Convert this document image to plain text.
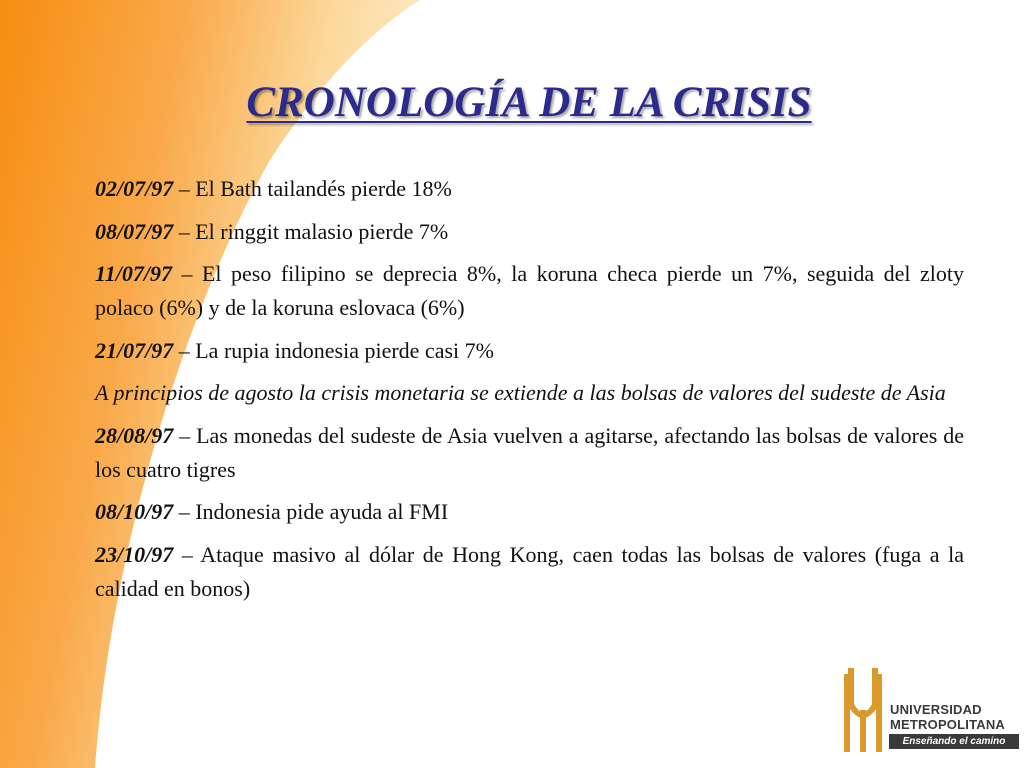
CRONOLOGÍA DE LA CRISIS

02/07/97 – El Bath tailandés pierde 18%

08/07/97 – El ringgit malasio pierde 7%

11/07/97 – El peso filipino se deprecia 8%, la koruna checa pierde un 7%, seguida del zloty polaco (6%) y de la koruna eslovaca (6%)

21/07/97 – La rupia indonesia pierde casi 7%

A principios de agosto la crisis monetaria se extiende a las bolsas de valores del sudeste de Asia

28/08/97 – Las monedas del sudeste de Asia vuelven a agitarse, afectando las bolsas de valores de los cuatro tigres

08/10/97 – Indonesia pide ayuda al FMI

23/10/97 – Ataque masivo al dólar de Hong Kong, caen todas las bolsas de valores (fuga a la calidad en bonos)

UNIVERSIDAD
METROPOLITANA
Enseñando el camino
